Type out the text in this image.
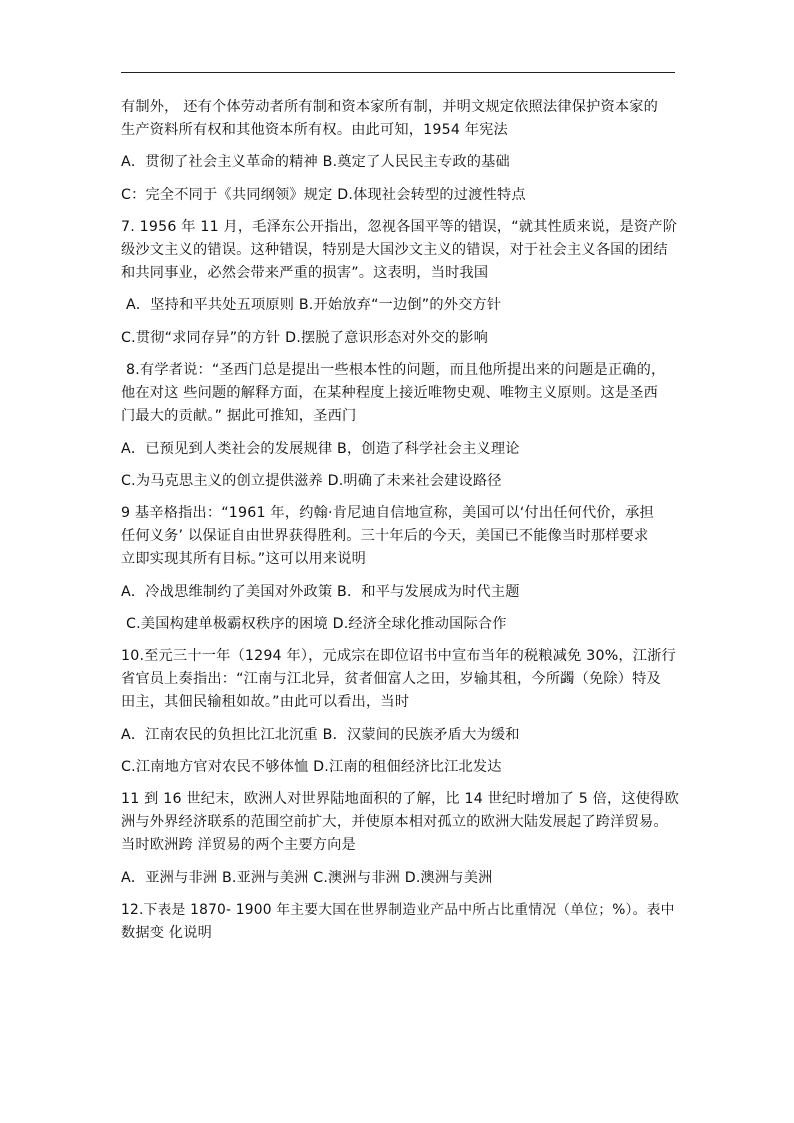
有制外， 还有个体劳动者所有制和资本家所有制，并明文规定依照法律保护资本家的
生产资料所有权和其他资本所有权。由此可知，1954 年宪法
A．贯彻了社会主义革命的精神 B.奠定了人民民主专政的基础
C：完全不同于《共同纲领》规定 D.体现社会转型的过渡性特点
7. 1956 年 11 月，毛泽东公开指出，忽视各国平等的错误，“就其性质来说，是资产阶
级沙文主义的错误。这种错误，特别是大国沙文主义的错误，对于社会主义各国的团结
和共同事业，必然会带来严重的损害”。这表明，当时我国
A．坚持和平共处五项原则 B.开始放弃“一边倒”的外交方针
C.贯彻“求同存异”的方针 D.摆脱了意识形态对外交的影响
8.有学者说：“圣西门总是提出一些根本性的问题，而且他所提出来的问题是正确的，
他在对这 些问题的解释方面，在某种程度上接近唯物史观、唯物主义原则。这是圣西
门最大的贡献。” 据此可推知，圣西门
A．已预见到人类社会的发展规律 B，创造了科学社会主义理论
C.为马克思主义的创立提供滋养 D.明确了未来社会建设路径
9 基辛格指出：“1961 年，约翰·肯尼迪自信地宣称，美国可以‘付出任何代价，承担
任何义务’ 以保证自由世界获得胜利。三十年后的今天，美国已不能像当时那样要求
立即实现其所有目标。”这可以用来说明
A．冷战思维制约了美国对外政策 B．和平与发展成为时代主题
C.美国构建单极霸权秩序的困境 D.经济全球化推动国际合作
10.至元三十一年（1294 年），元成宗在即位诏书中宣布当年的税粮减免 30%，江浙行
省官员上奏指出：“江南与江北异，贫者佃富人之田，岁输其租，今所蠲（免除）特及
田主，其佃民输租如故。”由此可以看出，当时
A．江南农民的负担比江北沉重 B．汉蒙间的民族矛盾大为缓和
C.江南地方官对农民不够体恤 D.江南的租佃经济比江北发达
11 到 16 世纪末，欧洲人对世界陆地面积的了解，比 14 世纪时增加了 5 倍，这使得欧
洲与外界经济联系的范围空前扩大，并使原本相对孤立的欧洲大陆发展起了跨洋贸易。
当时欧洲跨 洋贸易的两个主要方向是
A．亚洲与非洲 B.亚洲与美洲 C.澳洲与非洲 D.澳洲与美洲
12.下表是 1870- 1900 年主要大国在世界制造业产品中所占比重情况（单位；%）。表中
数据变 化说明
